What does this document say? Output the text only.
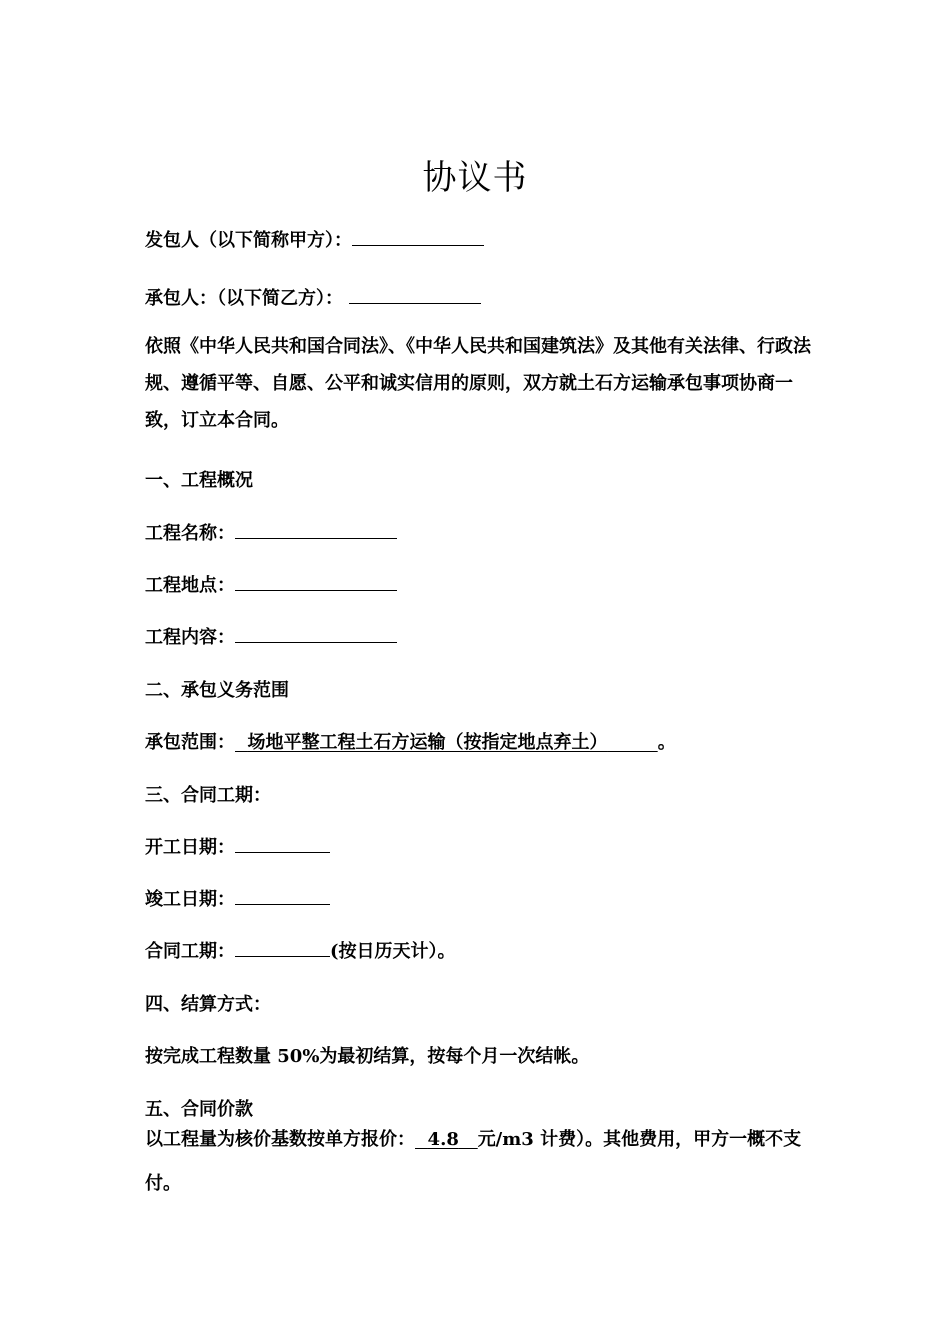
协议书
发包人（以下简称甲方）：
承包人：（以下简乙方）：
依照《中华人民共和国合同法》、《中华人民共和国建筑法》及其他有关法律、行政法规、遵循平等、自愿、公平和诚实信用的原则，双方就土石方运输承包事项协商一致，订立本合同。
一、工程概况
工程名称：
工程地点：
工程内容：
二、承包义务范围
承包范围： 场地平整工程土石方运输（按指定地点弃土）	。
三、合同工期：
开工日期：
竣工日期：
合同工期：	(按日历天计）。
四、结算方式：
按完成工程数量 50%为最初结算，按每个月一次结帐。
五、合同价款
以工程量为核价基数按单方报价： 4.8 元/m3 计费）。其他费用，甲方一概不支
付。
